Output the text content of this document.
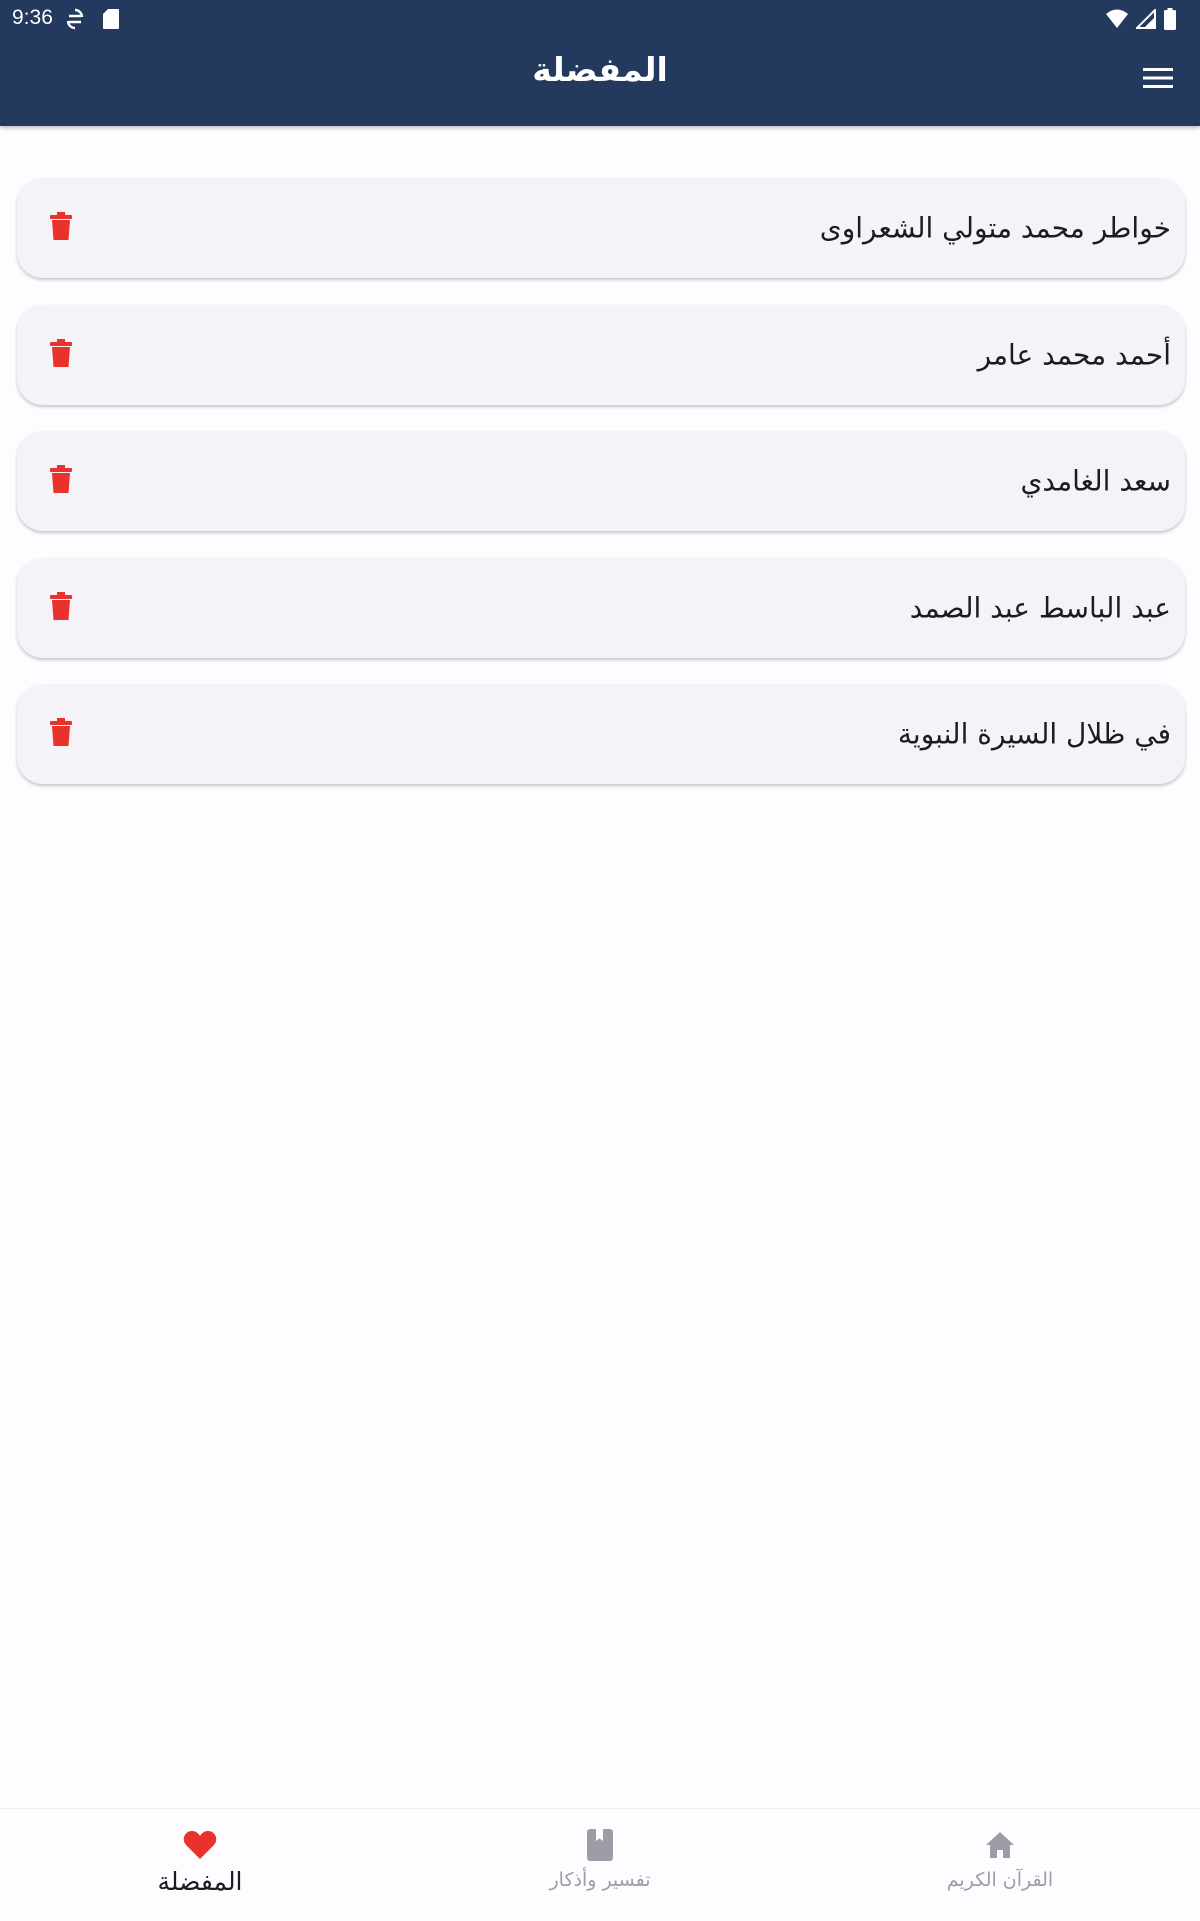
9:36
المفضلة
خواطر محمد متولي الشعراوى
أحمد محمد عامر
سعد الغامدي
عبد الباسط عبد الصمد
في ظلال السيرة النبوية
المفضلة	تفسير وأذكار	القرآن الكريم
